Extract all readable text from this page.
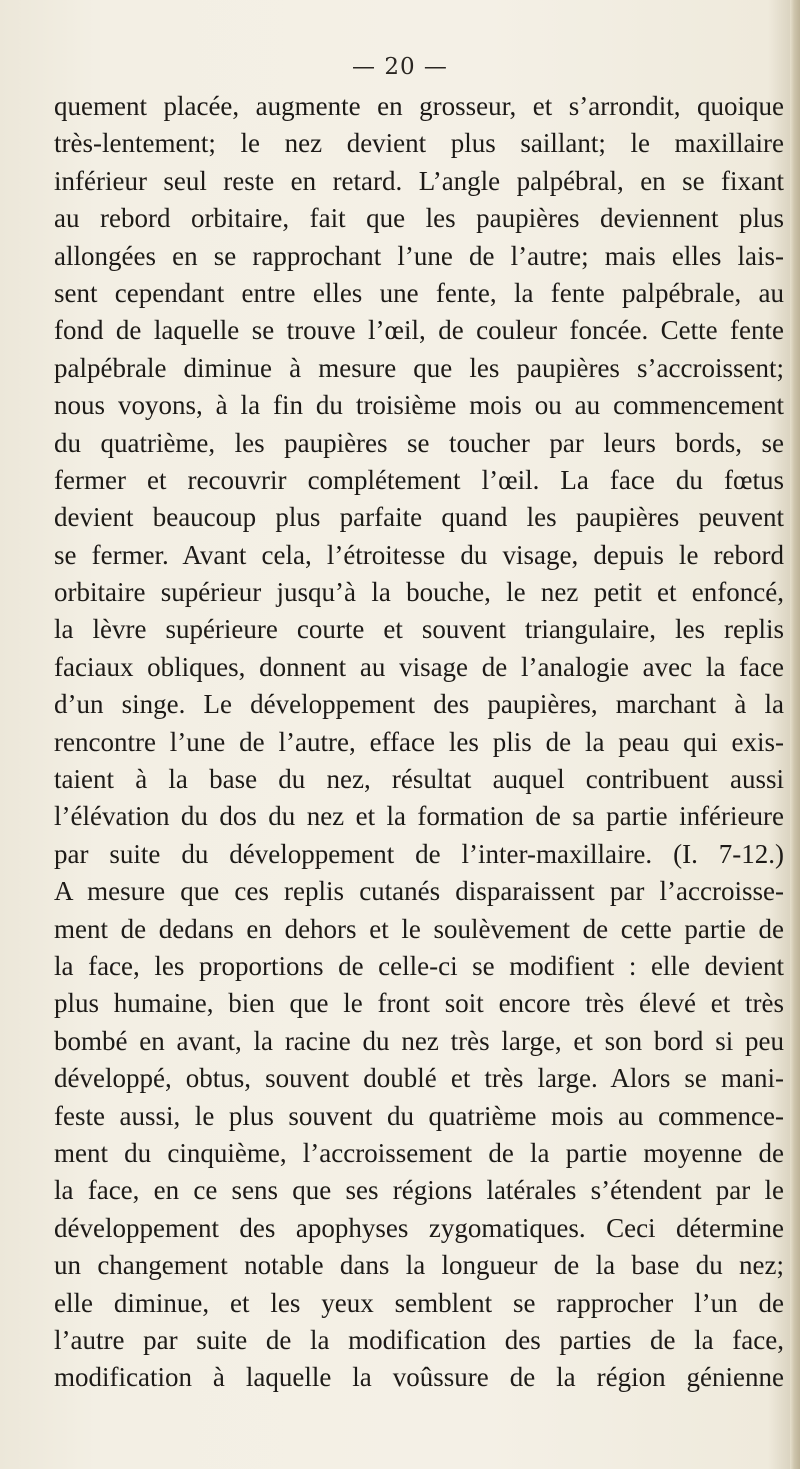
— 20 —
quement placée, augmente en grosseur, et s’arrondit, quoique
très-lentement; le nez devient plus saillant; le maxillaire
inférieur seul reste en retard. L’angle palpébral, en se fixant
au rebord orbitaire, fait que les paupières deviennent plus
allongées en se rapprochant l’une de l’autre; mais elles lais-
sent cependant entre elles une fente, la fente palpébrale, au
fond de laquelle se trouve l’œil, de couleur foncée. Cette fente
palpébrale diminue à mesure que les paupières s’accroissent;
nous voyons, à la fin du troisième mois ou au commencement
du quatrième, les paupières se toucher par leurs bords, se
fermer et recouvrir complétement l’œil. La face du fœtus
devient beaucoup plus parfaite quand les paupières peuvent
se fermer. Avant cela, l’étroitesse du visage, depuis le rebord
orbitaire supérieur jusqu’à la bouche, le nez petit et enfoncé,
la lèvre supérieure courte et souvent triangulaire, les replis
faciaux obliques, donnent au visage de l’analogie avec la face
d’un singe. Le développement des paupières, marchant à la
rencontre l’une de l’autre, efface les plis de la peau qui exis-
taient à la base du nez, résultat auquel contribuent aussi
l’élévation du dos du nez et la formation de sa partie inférieure
par suite du développement de l’inter-maxillaire. (I. 7-12.)
A mesure que ces replis cutanés disparaissent par l’accroisse-
ment de dedans en dehors et le soulèvement de cette partie de
la face, les proportions de celle-ci se modifient : elle devient
plus humaine, bien que le front soit encore très élevé et très
bombé en avant, la racine du nez très large, et son bord si peu
développé, obtus, souvent doublé et très large. Alors se mani-
feste aussi, le plus souvent du quatrième mois au commence-
ment du cinquième, l’accroissement de la partie moyenne de
la face, en ce sens que ses régions latérales s’étendent par le
développement des apophyses zygomatiques. Ceci détermine
un changement notable dans la longueur de la base du nez;
elle diminue, et les yeux semblent se rapprocher l’un de
l’autre par suite de la modification des parties de la face,
modification à laquelle la voûssure de la région génienne
